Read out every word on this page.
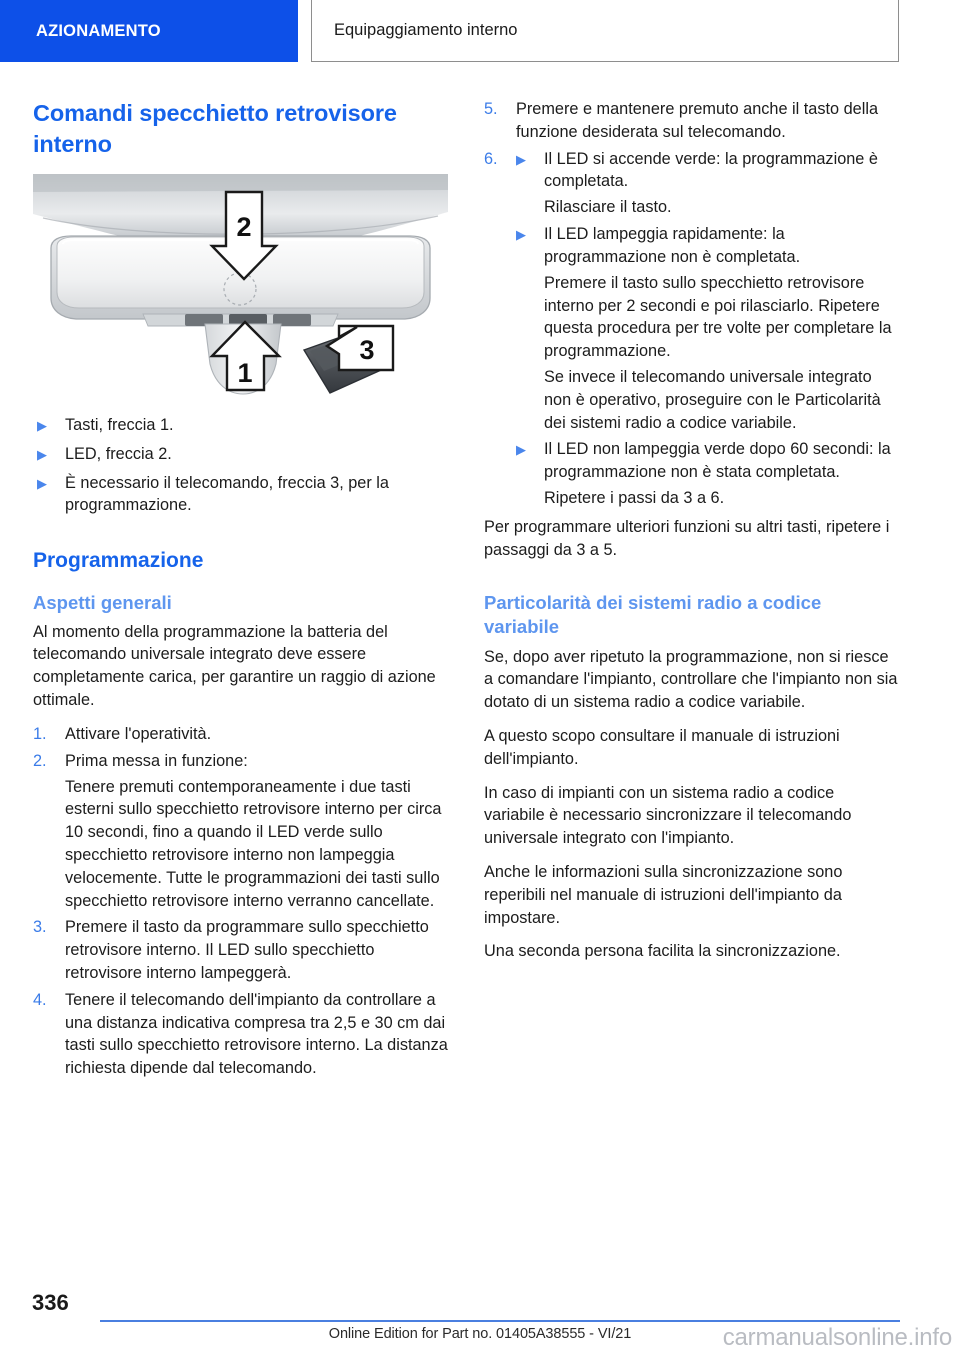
AZIONAMENTO	Equipaggiamento interno
Comandi specchietto retrovisore interno
2
1
3
▶ Tasti, freccia 1.
▶ LED, freccia 2.
▶ È necessario il telecomando, freccia 3, per la programmazione.
Programmazione
Aspetti generali

Al momento della programmazione la batteria del telecomando universale integrato deve essere completamente carica, per garantire un raggio di azione ottimale.

1.	Attivare l'operatività.

2.	Prima messa in funzione:

Tenere premuti contemporaneamente i due tasti esterni sullo specchietto retrovisore interno per circa 10 secondi, fino a quando il LED verde sullo specchietto retrovisore interno non lampeggia velocemente. Tutte le programmazioni dei tasti sullo specchietto retrovisore interno verranno cancellate.

3.	Premere il tasto da programmare sullo specchietto retrovisore interno. Il LED sullo specchietto retrovisore interno lampeggerà.

4.	Tenere il telecomando dell'impianto da controllare a una distanza indicativa compresa tra 2,5 e 30 cm dai tasti sullo specchietto retrovisore interno. La distanza richiesta dipende dal telecomando.

5.	Premere e mantenere premuto anche il tasto della funzione desiderata sul telecomando.

6.	▶ Il LED si accende verde: la programmazione è completata.

Rilasciare il tasto.

▶ Il LED lampeggia rapidamente: la programmazione non è completata.

Premere il tasto sullo specchietto retrovisore interno per 2 secondi e poi rilasciarlo. Ripetere questa procedura per tre volte per completare la programmazione.

Se invece il telecomando universale integrato non è operativo, proseguire con le Particolarità dei sistemi radio a codice variabile.

▶ Il LED non lampeggia verde dopo 60 secondi: la programmazione non è stata completata.

Ripetere i passi da 3 a 6.

Per programmare ulteriori funzioni su altri tasti, ripetere i passaggi da 3 a 5.

Particolarità dei sistemi radio a codice variabile

Se, dopo aver ripetuto la programmazione, non si riesce a comandare l'impianto, controllare che l'impianto non sia dotato di un sistema radio a codice variabile.

A questo scopo consultare il manuale di istruzioni dell'impianto.

In caso di impianti con un sistema radio a codice variabile è necessario sincronizzare il telecomando universale integrato con l'impianto.

Anche le informazioni sulla sincronizzazione sono reperibili nel manuale di istruzioni dell'impianto da impostare.

Una seconda persona facilita la sincronizzazione.

336
Online Edition for Part no. 01405A38555 - VI/21	carmanualsonline.info
